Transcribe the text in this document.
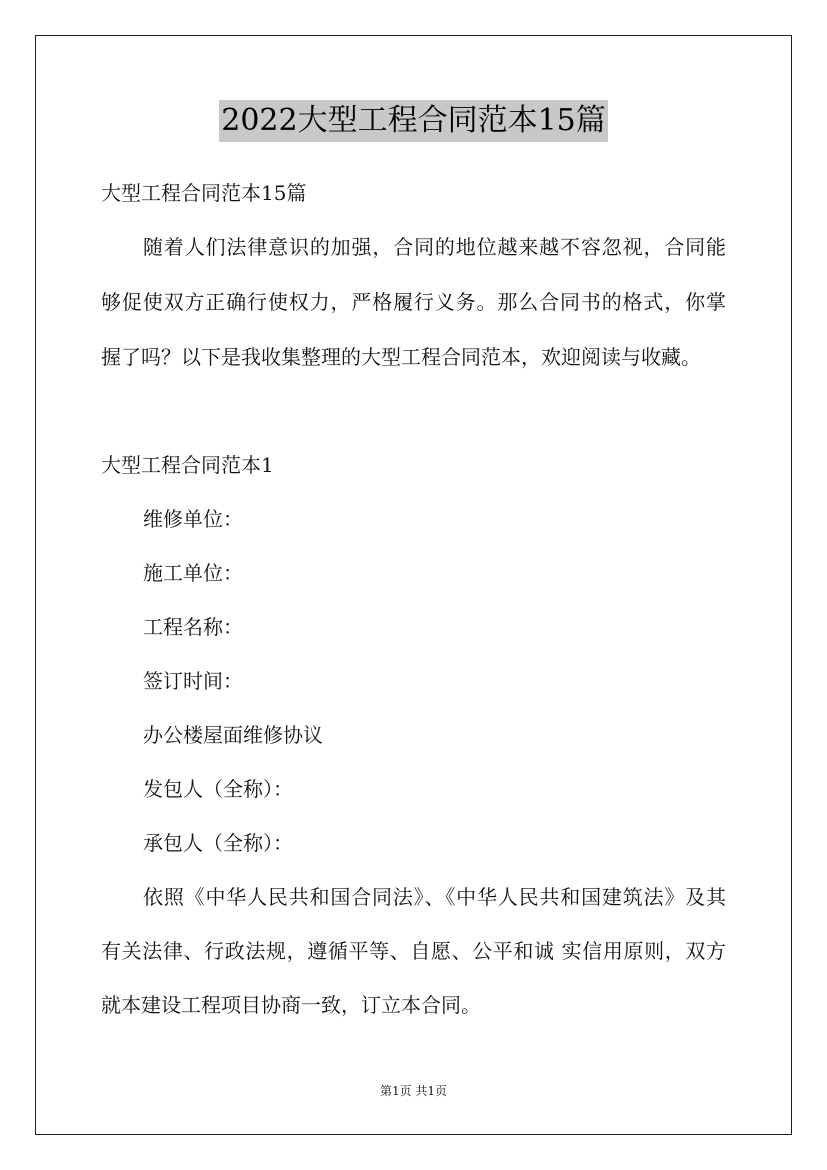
2022大型工程合同范本15篇
大型工程合同范本15篇
随着人们法律意识的加强，合同的地位越来越不容忽视，合同能
够促使双方正确行使权力，严格履行义务。那么合同书的格式，你掌
握了吗？以下是我收集整理的大型工程合同范本，欢迎阅读与收藏。
大型工程合同范本1
维修单位：
施工单位：
工程名称：
签订时间：
办公楼屋面维修协议
发包人（全称）：
承包人（全称）：
依照《中华人民共和国合同法》、《中华人民共和国建筑法》及其
有关法律、行政法规，遵循平等、自愿、公平和诚 实信用原则，双方
就本建设工程项目协商一致，订立本合同。
第1页 共1页
